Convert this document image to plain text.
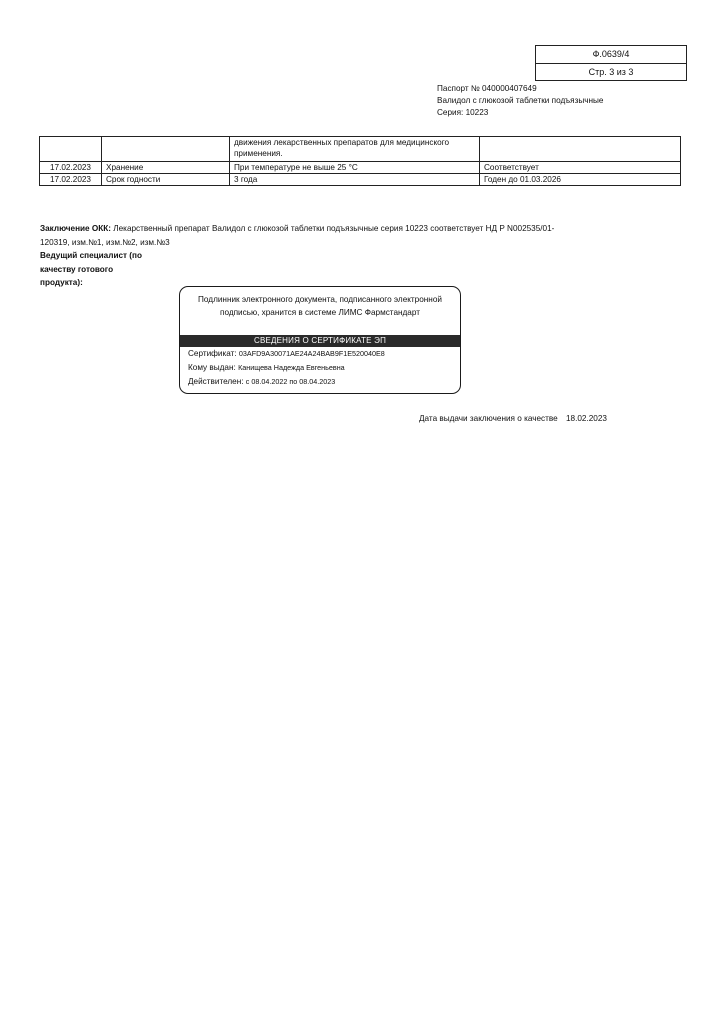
Ф.0639/4
Стр. 3 из 3
Паспорт № 040000407649
Валидол с глюкозой таблетки подъязычные
Серия: 10223
		движения лекарственных препаратов для медицинского применения.	
17.02.2023	Хранение	При температуре не выше 25 °С	Соответствует
17.02.2023	Срок годности	3 года	Годен до 01.03.2026
Заключение ОКК: Лекарственный препарат Валидол с глюкозой таблетки подъязычные серия 10223 соответствует НД Р N002535/01-120319, изм.№1, изм.№2, изм.№3
Ведущий специалист (по качеству готового продукта):
Подлинник электронного документа, подписанного электронной подписью, хранится в системе ЛИМС Фармстандарт
СВЕДЕНИЯ О СЕРТИФИКАТЕ ЭП
Сертификат: 03AFD9A30071AE24A24BAB9F1E520040E8
Кому выдан: Канищева Надежда Евгеньевна
Действителен: с 08.04.2022 по 08.04.2023
Дата выдачи заключения о качестве 18.02.2023
